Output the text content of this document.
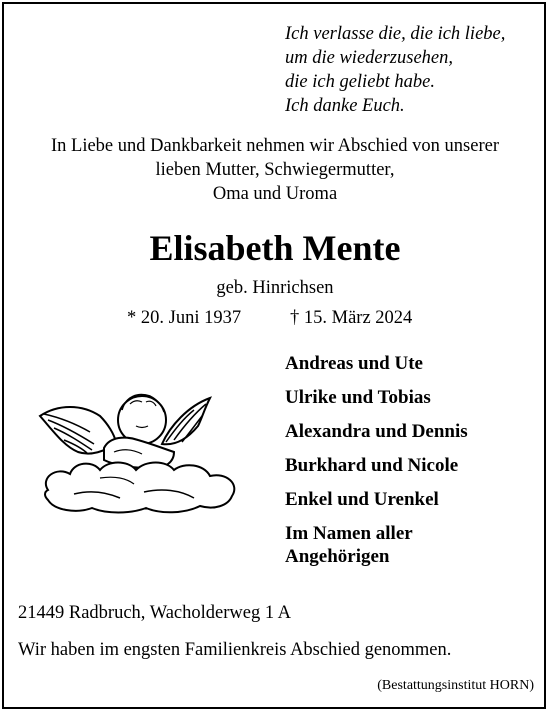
Ich verlasse die, die ich liebe,
um die wiederzusehen,
die ich geliebt habe.
Ich danke Euch.
In Liebe und Dankbarkeit nehmen wir Abschied von unserer
lieben Mutter, Schwiegermutter,
Oma und Uroma
Elisabeth Mente
geb. Hinrichsen
* 20. Juni 1937	† 15. März 2024
Andreas und Ute
Ulrike und Tobias
Alexandra und Dennis
Burkhard und Nicole
Enkel und Urenkel
Im Namen aller Angehörigen
21449 Radbruch, Wacholderweg 1 A
Wir haben im engsten Familienkreis Abschied genommen.
(Bestattungsinstitut HORN)
